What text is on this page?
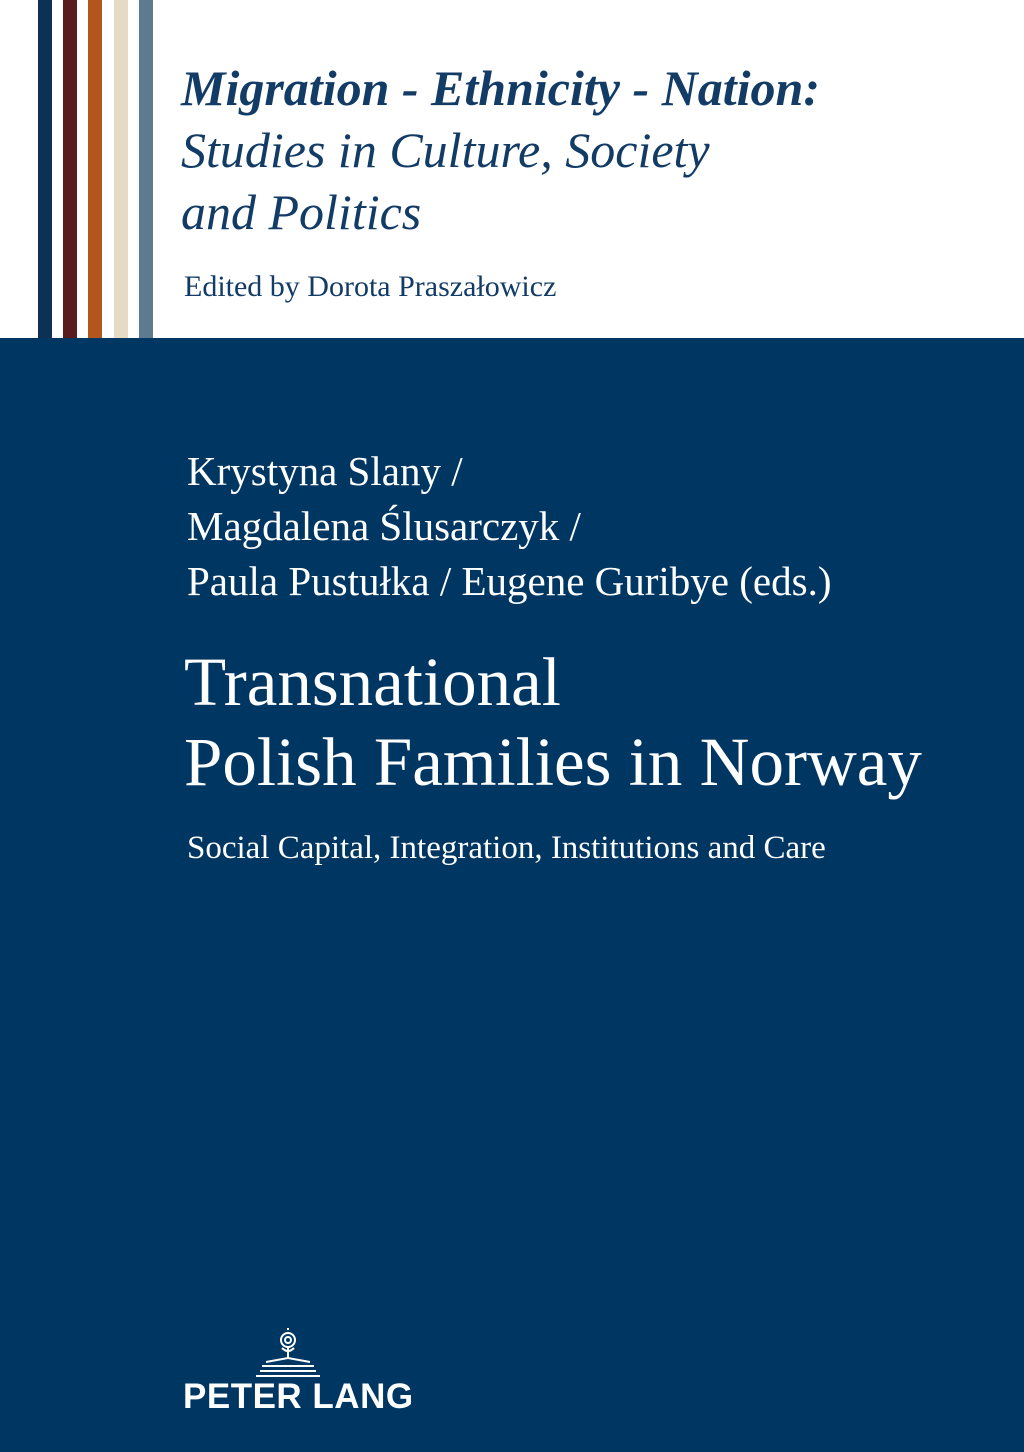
Migration - Ethnicity - Nation:
Studies in Culture, Society
and Politics
Edited by Dorota Praszałowicz
Krystyna Slany /
Magdalena Ślusarczyk /
Paula Pustułka / Eugene Guribye (eds.)
Transnational
Polish Families in Norway
Social Capital, Integration, Institutions and Care
PETER LANG
